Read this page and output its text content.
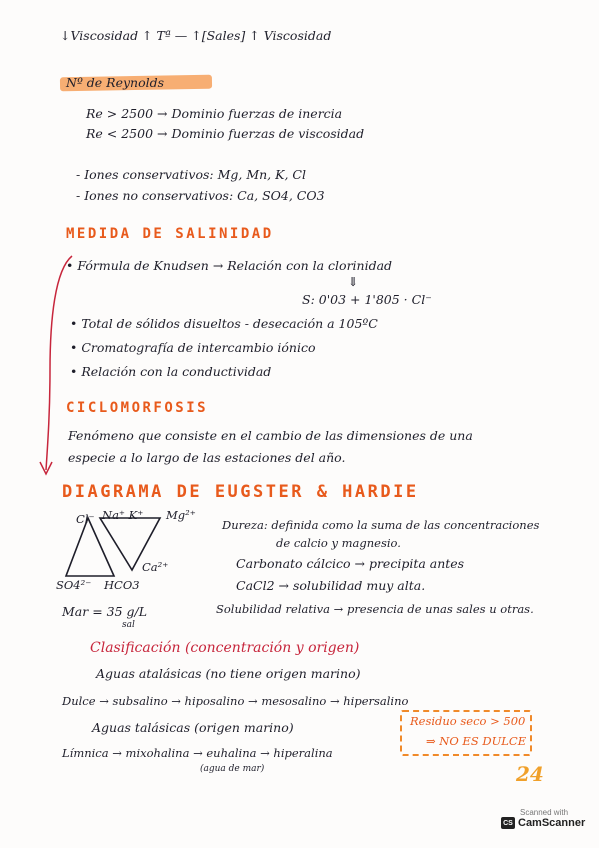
↓Viscosidad ↑ Tª — ↑[Sales] ↑ Viscosidad
Nº de Reynolds
Re > 2500 → Dominio fuerzas de inercia
Re < 2500 → Dominio fuerzas de viscosidad
- Iones conservativos: Mg, Mn, K, Cl
- Iones no conservativos: Ca, SO4, CO3
MEDIDA DE SALINIDAD
• Fórmula de Knudsen → Relación con la clorinidad
⇓
S: 0'03 + 1'805 · Cl⁻
• Total de sólidos disueltos - desecación a 105ºC
• Cromatografía de intercambio iónico
• Relación con la conductividad
CICLOMORFOSIS
Fenómeno que consiste en el cambio de las dimensiones de una
especie a lo largo de las estaciones del año.
DIAGRAMA DE EUGSTER & HARDIE
Cl⁻ Na⁺ K⁺ Mg²⁺
Ca²⁺
SO4²⁻ HCO3
Mar = 35 g/L
sal
Dureza: definida como la suma de las concentraciones
de calcio y magnesio.
Carbonato cálcico → precipita antes
CaCl2 → solubilidad muy alta.
Solubilidad relativa → presencia de unas sales u otras.
Clasificación (concentración y origen)
Aguas atalásicas (no tiene origen marino)
Dulce → subsalino → hiposalino → mesosalino → hipersalino
Aguas talásicas (origen marino)
Límnica → mixohalina → euhalina → hiperalina
(agua de mar)
Residuo seco > 500
⇒ NO ES DULCE
24
Scanned with
CS CamScanner
